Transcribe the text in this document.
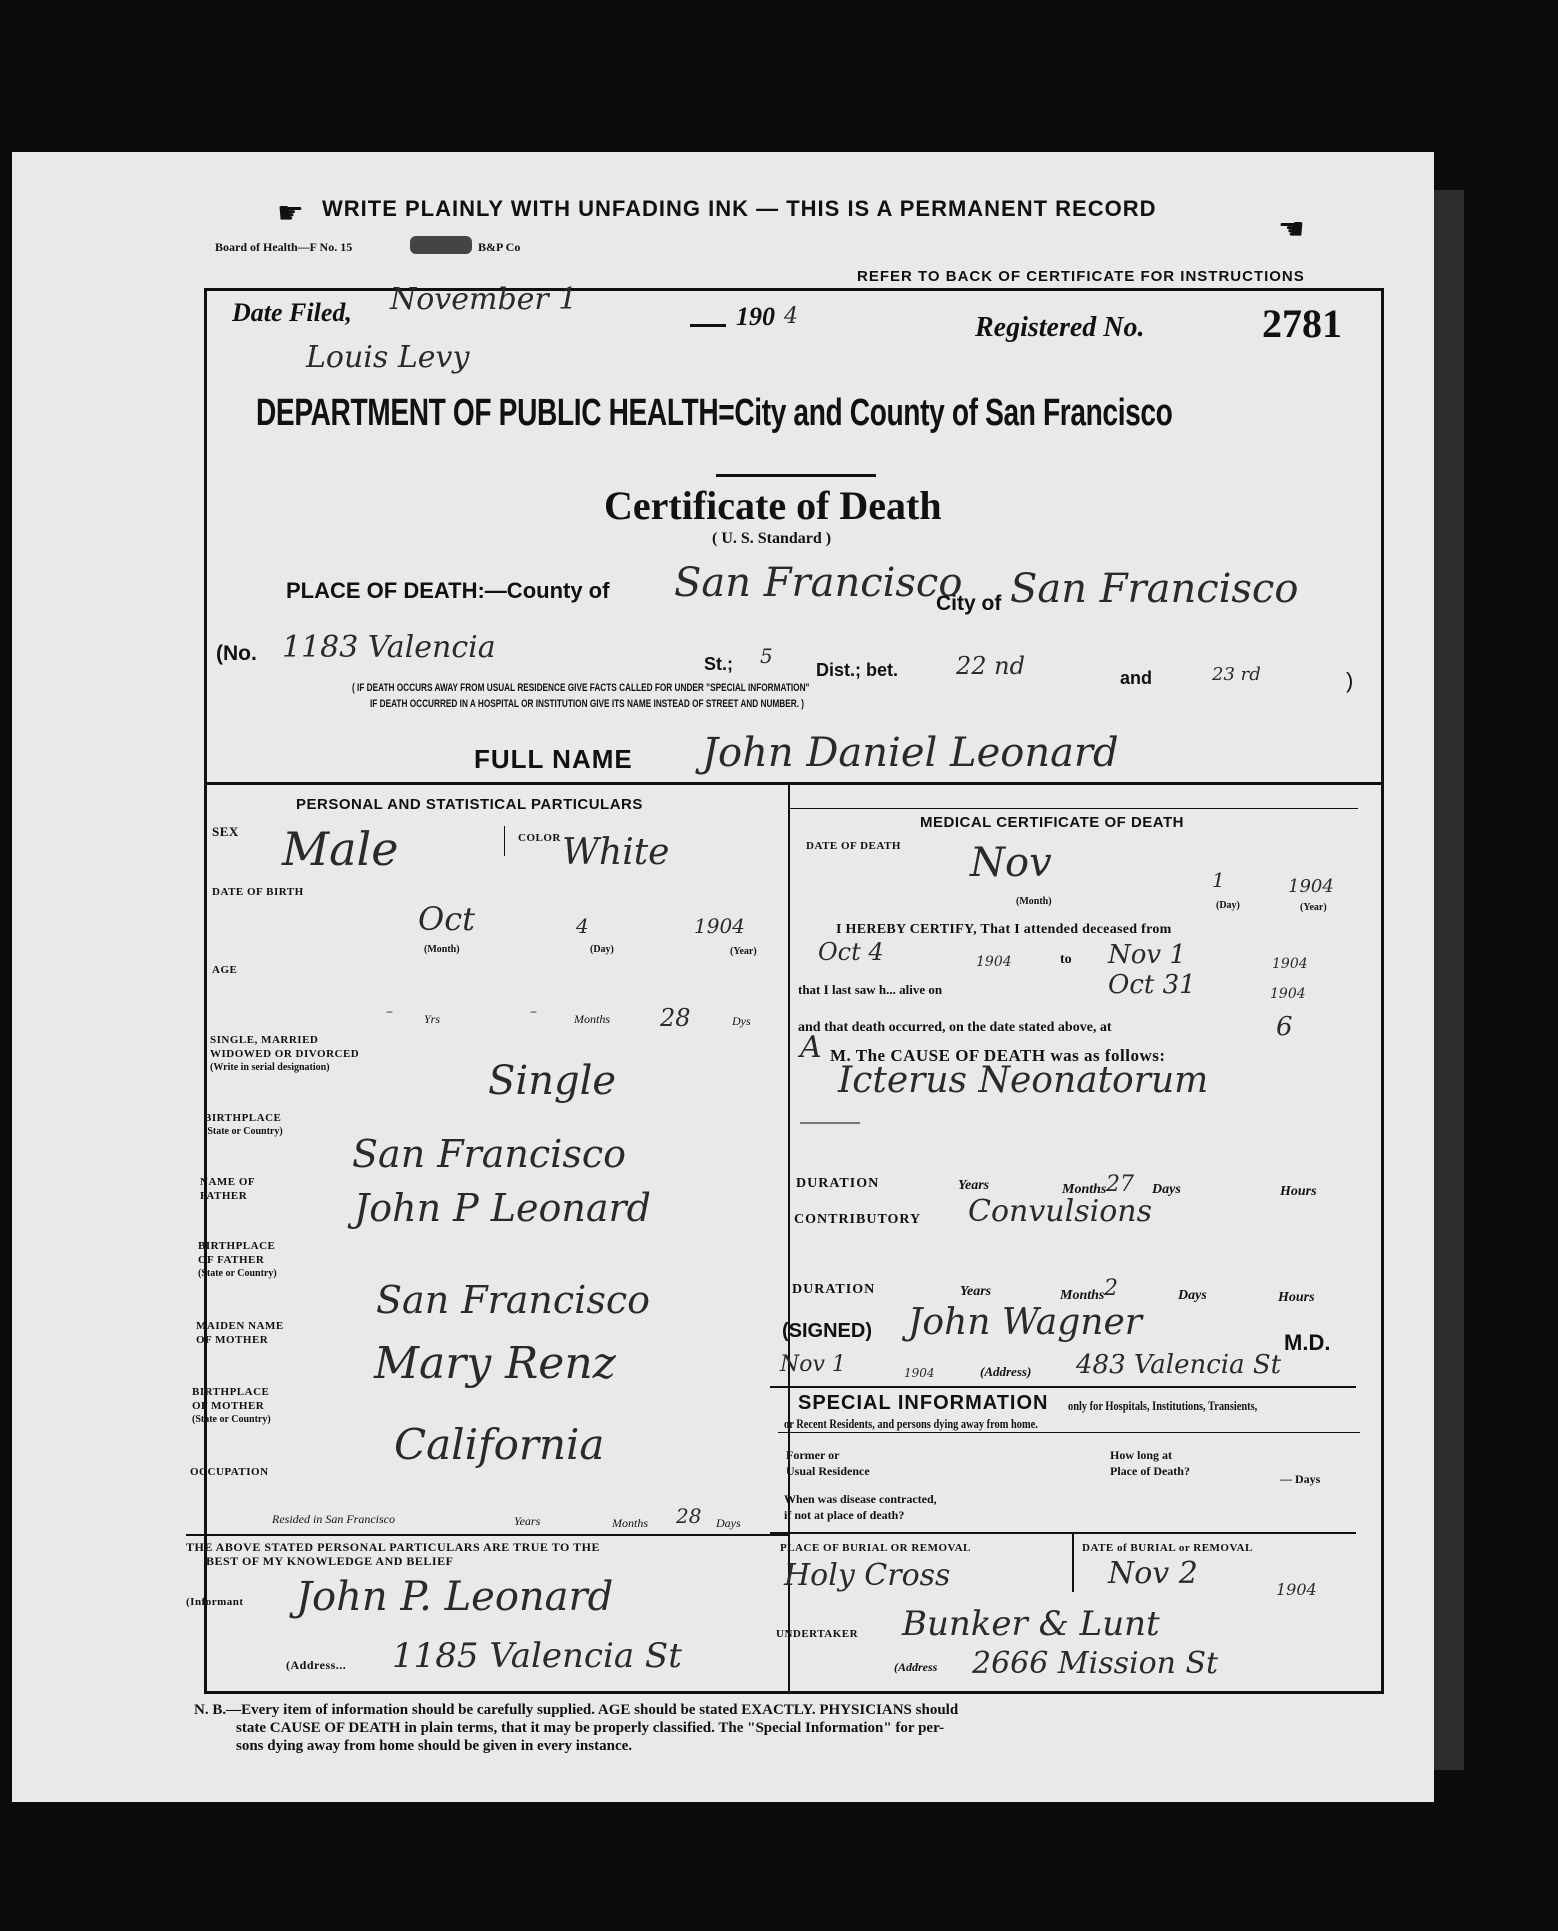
☛ WRITE PLAINLY WITH UNFADING INK — THIS IS A PERMANENT RECORD
☛
Board of Health—F No. 15	B&P Co
REFER TO BACK OF CERTIFICATE FOR INSTRUCTIONS
Date Filed, November 1	190 4	Registered No.	2781
Louis Levy
DEPARTMENT OF PUBLIC HEALTH=City and County of San Francisco
Certificate of Death
( U. S. Standard )
PLACE OF DEATH:—County of San Francisco
City of San Francisco
(No. 1183 Valencia	St.; 5
Dist.; bet. 22 nd	and	23 rd	)
( IF DEATH OCCURS AWAY FROM USUAL RESIDENCE GIVE FACTS CALLED FOR UNDER "SPECIAL INFORMATION"
IF DEATH OCCURRED IN A HOSPITAL OR INSTITUTION GIVE ITS NAME INSTEAD OF STREET AND NUMBER. )
FULL NAME John Daniel Leonard
PERSONAL AND STATISTICAL PARTICULARS
SEX Male	COLOR White
DATE OF BIRTH
Oct	4	1904
(Month)	(Day)	(Year)
AGE
–	Yrs	–	Months 28	Dys
SINGLE, MARRIED
WIDOWED OR DIVORCED
(Write in serial designation)	Single
BIRTHPLACE
(State or Country)
San Francisco
NAME OF
FATHER	John P Leonard
BIRTHPLACE
OF FATHER
(State or Country)
San Francisco
MAIDEN NAME
OF MOTHER Mary Renz
BIRTHPLACE
OF MOTHER
(State or Country)
California
OCCUPATION
Resided in San Francisco	Years	Months 28 Days
THE ABOVE STATED PERSONAL PARTICULARS ARE TRUE TO THE
BEST OF MY KNOWLEDGE AND BELIEF
(Informant John P. Leonard
(Address... 1185 Valencia St
MEDICAL CERTIFICATE OF DEATH
DATE OF DEATH Nov	1	1904
(Month)	(Day)	(Year)
I HEREBY CERTIFY, That I attended deceased from
Oct 4	1904	to Nov 1	1904
that I last saw h... alive on	Oct 31	1904
and that death occurred, on the date stated above, at	6
A M. The CAUSE OF DEATH was as follows:
Icterus Neonatorum
DURATION	Years	Months 27 Days	Hours
CONTRIBUTORY Convulsions
DURATION	Years	Months 2	Days	Hours
(SIGNED) John Wagner	M.D.
Nov 1	1904	(Address) 483 Valencia St
SPECIAL INFORMATION only for Hospitals, Institutions, Transients,
or Recent Residents, and persons dying away from home.
Former or
Usual Residence
How long at
Place of Death?
— Days
When was disease contracted,
if not at place of death?
PLACE OF BURIAL OR REMOVAL
Holy Cross
DATE of BURIAL or REMOVAL
Nov 2	1904
UNDERTAKER Bunker & Lunt
(Address 2666 Mission St
N. B.—Every item of information should be carefully supplied. AGE should be stated EXACTLY. PHYSICIANS should
state CAUSE OF DEATH in plain terms, that it may be properly classified. The "Special Information" for per-
sons dying away from home should be given in every instance.
